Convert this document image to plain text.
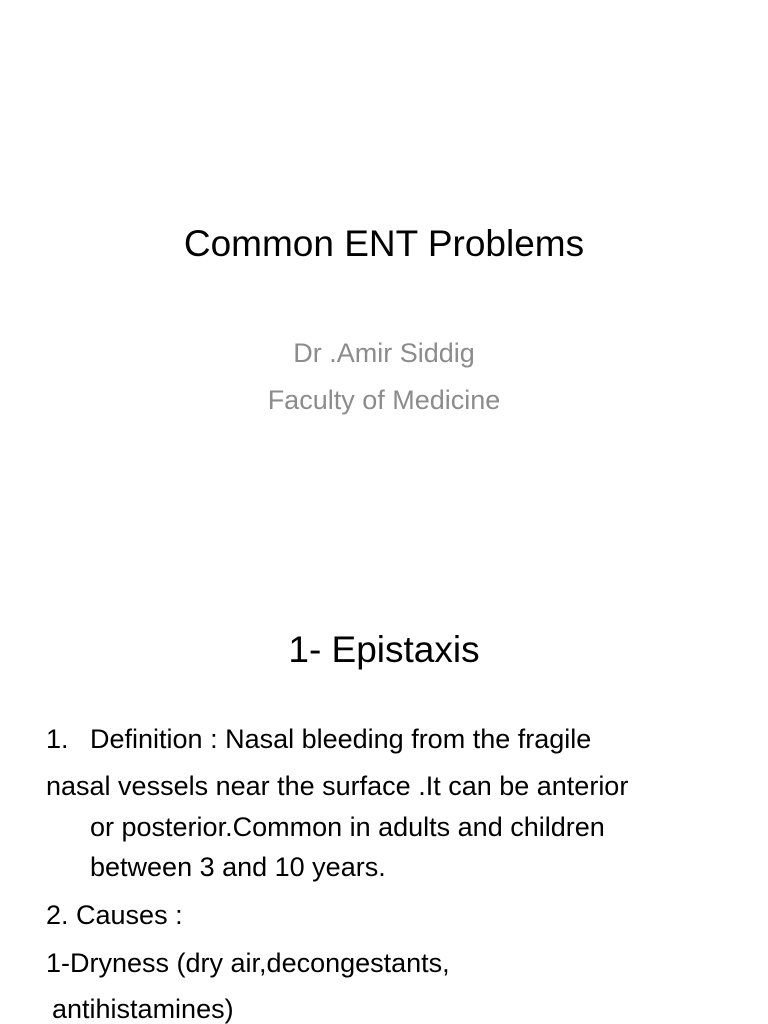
Common ENT Problems
Dr .Amir Siddig
Faculty of Medicine
1- Epistaxis
1. Definition : Nasal bleeding from the fragile
nasal vessels near the surface .It can be anterior
or posterior.Common in adults and children
between 3 and 10 years.
2. Causes :
1-Dryness (dry air,decongestants,
antihistamines)
